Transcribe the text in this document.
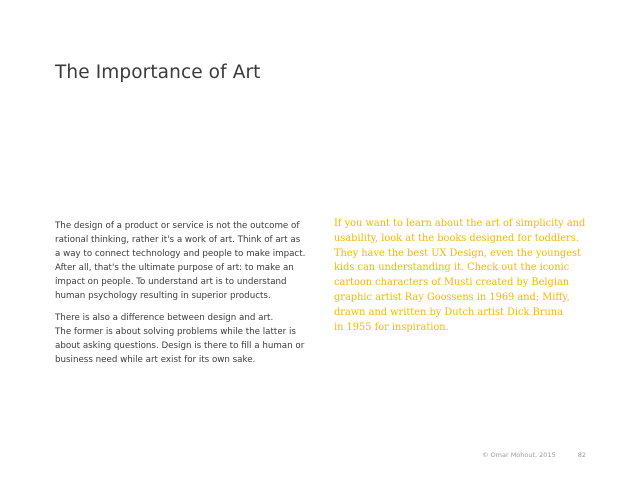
The Importance of Art

The design of a product or service is not the outcome of
rational thinking, rather it's a work of art. Think of art as
a way to connect technology and people to make impact.
After all, that's the ultimate purpose of art: to make an
impact on people. To understand art is to understand
human psychology resulting in superior products.

There is also a difference between design and art.
The former is about solving problems while the latter is
about asking questions. Design is there to fill a human or
business need while art exist for its own sake.

If you want to learn about the art of simplicity and
usability, look at the books designed for toddlers.
They have the best UX Design, even the youngest
kids can understanding it. Check out the iconic
cartoon characters of Musti created by Belgian
graphic artist Ray Goossens in 1969 and; Miffy,
drawn and written by Dutch artist Dick Bruna
in 1955 for inspiration.
© Omar Mohout, 2015	82
